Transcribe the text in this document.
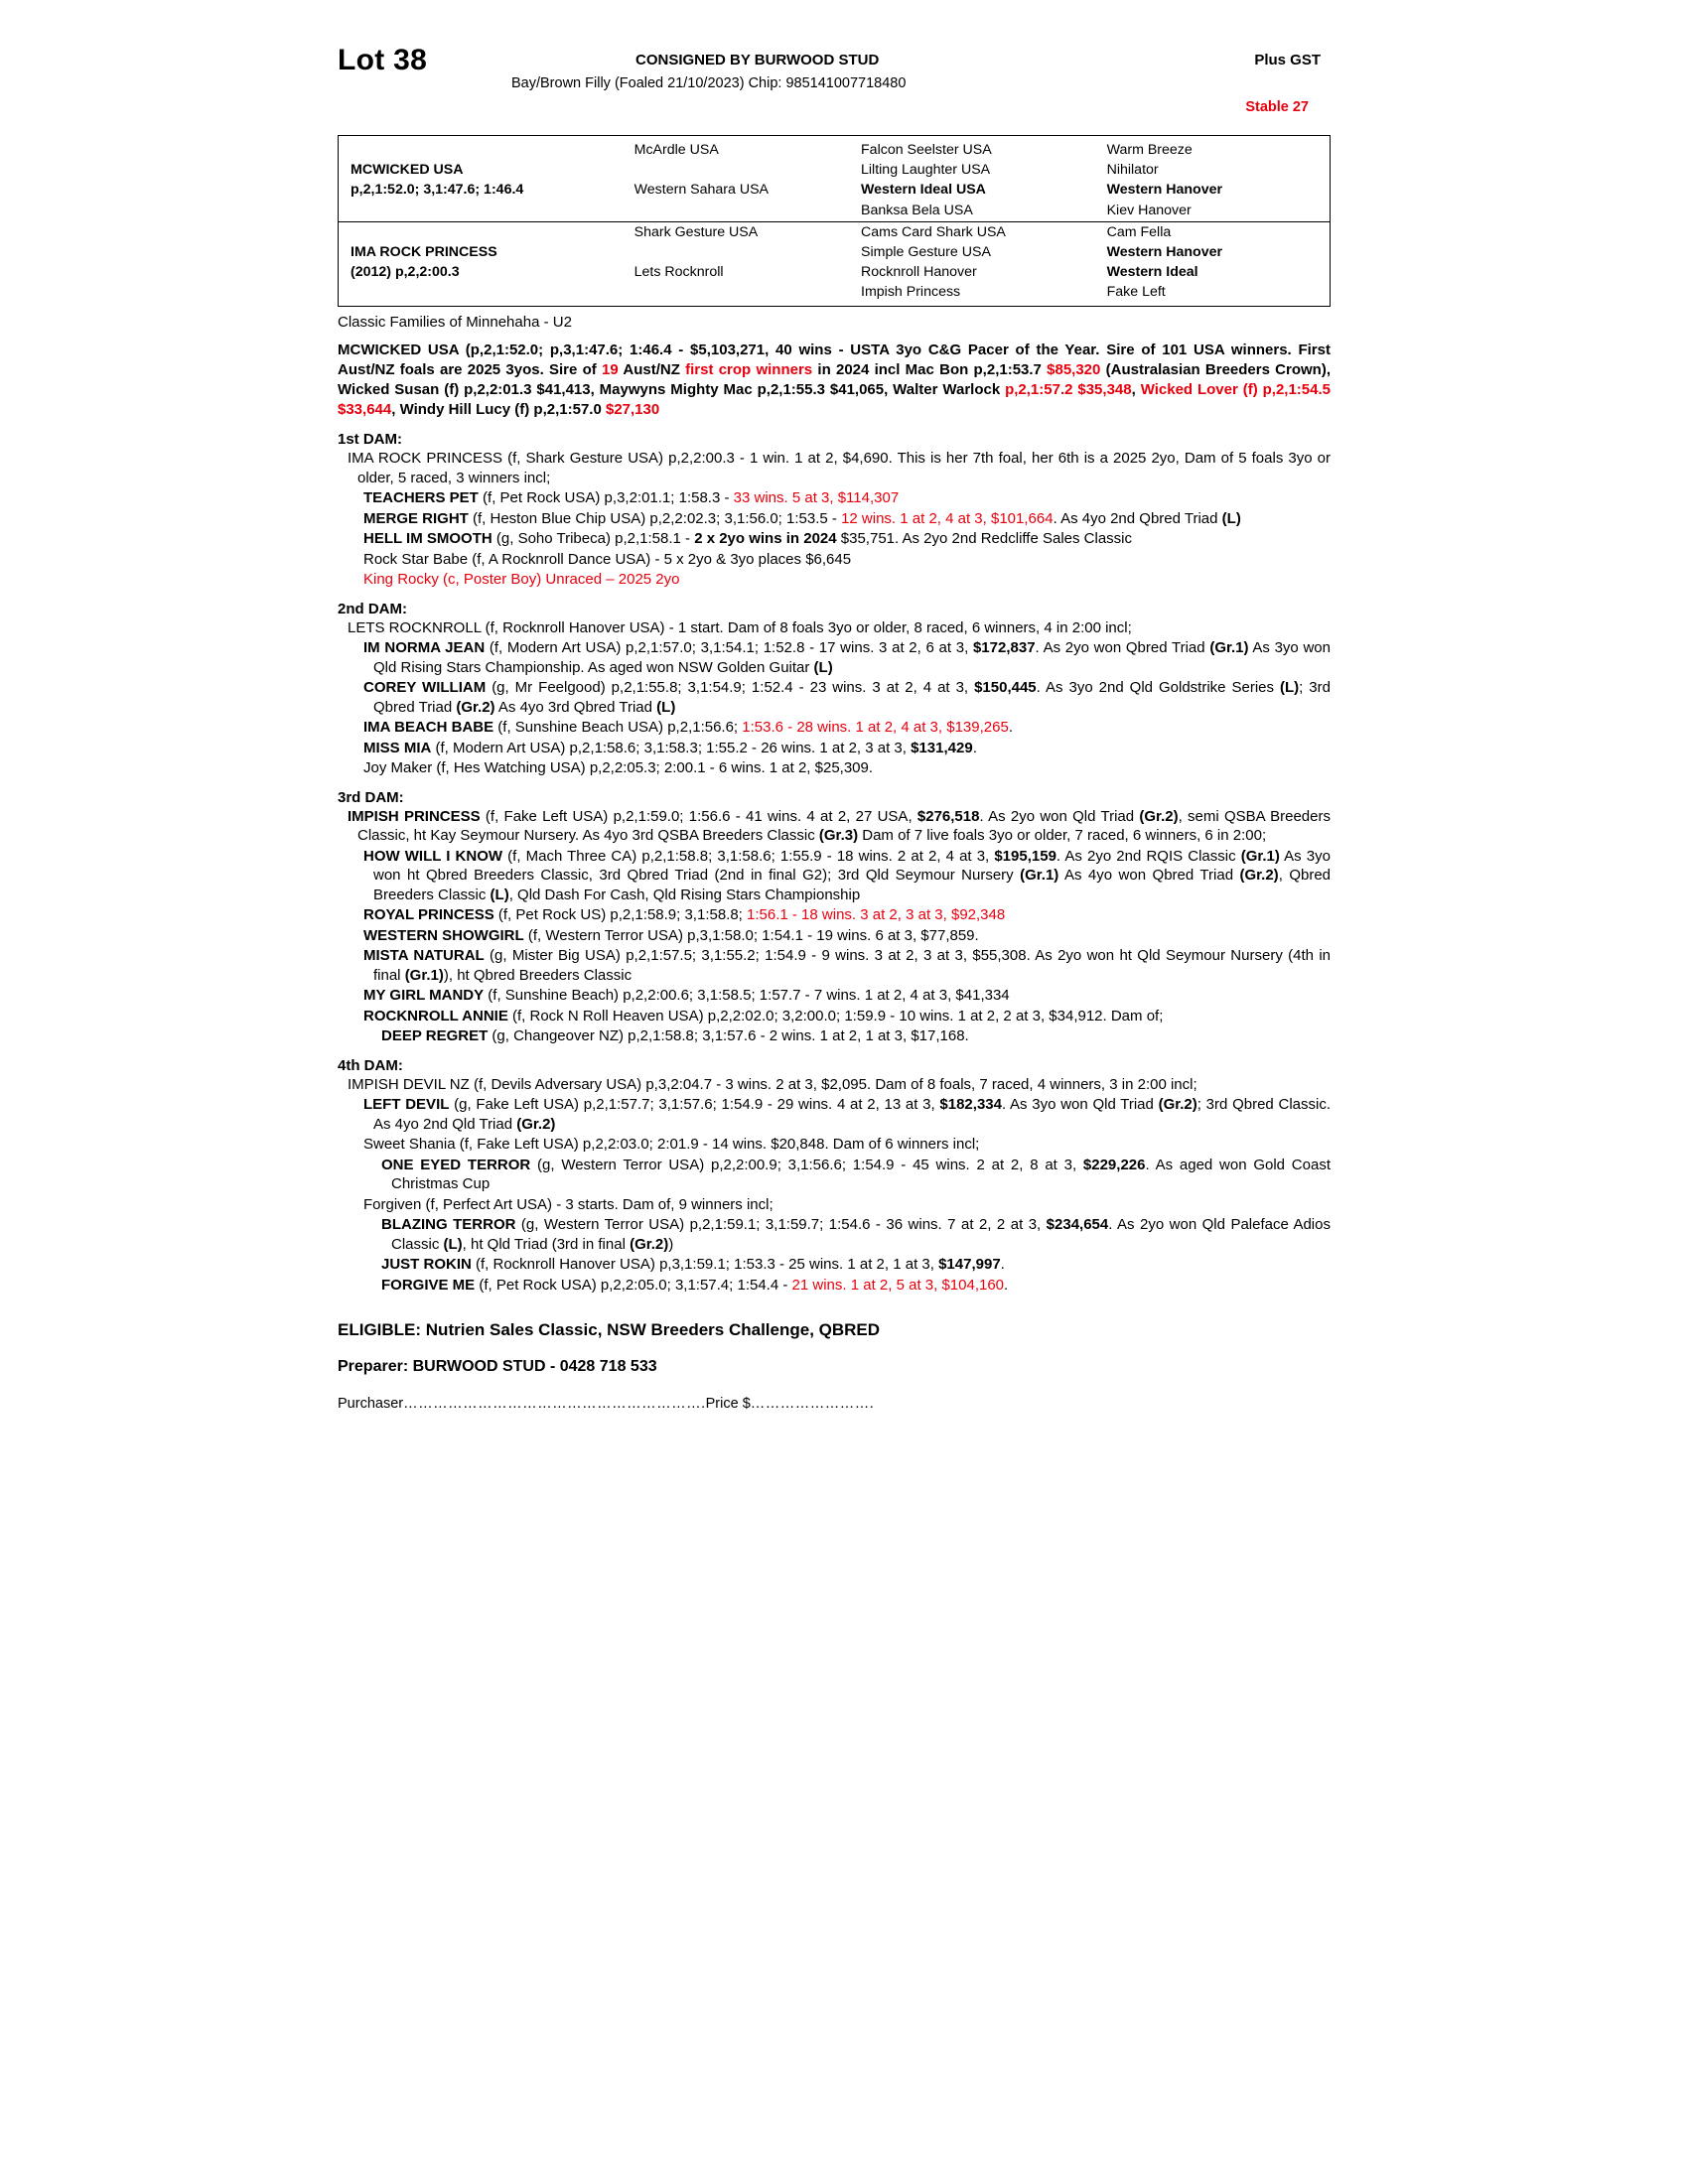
Lot 38	CONSIGNED BY BURWOOD STUD	Plus GST
Bay/Brown Filly (Foaled 21/10/2023) Chip: 985141007718480
Stable 27
	McArdle USA	Falcon Seelster USA	Warm Breeze
MCWICKED USA		Lilting Laughter USA	Nihilator
p,2,1:52.0; 3,1:47.6; 1:46.4	Western Sahara USA	Western Ideal USA	Western Hanover
		Banksa Bela USA	Kiev Hanover

	Shark Gesture USA	Cams Card Shark USA	Cam Fella
IMA ROCK PRINCESS		Simple Gesture USA	Western Hanover
(2012) p,2,2:00.3	Lets Rocknroll	Rocknroll Hanover	Western Ideal
		Impish Princess	Fake Left
Classic Families of Minnehaha - U2
MCWICKED USA (p,2,1:52.0; p,3,1:47.6; 1:46.4 - $5,103,271, 40 wins - USTA 3yo C&G Pacer of the Year. Sire of 101 USA winners. First Aust/NZ foals are 2025 3yos. Sire of 19 Aust/NZ first crop winners in 2024 incl Mac Bon p,2,1:53.7 $85,320 (Australasian Breeders Crown), Wicked Susan (f) p,2,2:01.3 $41,413, Maywyns Mighty Mac p,2,1:55.3 $41,065, Walter Warlock p,2,1:57.2 $35,348, Wicked Lover (f) p,2,1:54.5 $33,644, Windy Hill Lucy (f) p,2,1:57.0 $27,130
1st DAM:
IMA ROCK PRINCESS (f, Shark Gesture USA) p,2,2:00.3 - 1 win. 1 at 2, $4,690. This is her 7th foal, her 6th is a 2025 2yo, Dam of 5 foals 3yo or older, 5 raced, 3 winners incl;
TEACHERS PET (f, Pet Rock USA) p,3,2:01.1; 1:58.3 - 33 wins. 5 at 3, $114,307
MERGE RIGHT (f, Heston Blue Chip USA) p,2,2:02.3; 3,1:56.0; 1:53.5 - 12 wins. 1 at 2, 4 at 3, $101,664. As 4yo 2nd Qbred Triad (L)
HELL IM SMOOTH (g, Soho Tribeca) p,2,1:58.1 - 2 x 2yo wins in 2024 $35,751. As 2yo 2nd Redcliffe Sales Classic
Rock Star Babe (f, A Rocknroll Dance USA) - 5 x 2yo & 3yo places $6,645
King Rocky (c, Poster Boy) Unraced – 2025 2yo
2nd DAM:
LETS ROCKNROLL (f, Rocknroll Hanover USA) - 1 start. Dam of 8 foals 3yo or older, 8 raced, 6 winners, 4 in 2:00 incl;
IM NORMA JEAN (f, Modern Art USA) p,2,1:57.0; 3,1:54.1; 1:52.8 - 17 wins. 3 at 2, 6 at 3, $172,837. As 2yo won Qbred Triad (Gr.1) As 3yo won Qld Rising Stars Championship. As aged won NSW Golden Guitar (L)
COREY WILLIAM (g, Mr Feelgood) p,2,1:55.8; 3,1:54.9; 1:52.4 - 23 wins. 3 at 2, 4 at 3, $150,445. As 3yo 2nd Qld Goldstrike Series (L); 3rd Qbred Triad (Gr.2) As 4yo 3rd Qbred Triad (L)
IMA BEACH BABE (f, Sunshine Beach USA) p,2,1:56.6; 1:53.6 - 28 wins. 1 at 2, 4 at 3, $139,265.
MISS MIA (f, Modern Art USA) p,2,1:58.6; 3,1:58.3; 1:55.2 - 26 wins. 1 at 2, 3 at 3, $131,429.
Joy Maker (f, Hes Watching USA) p,2,2:05.3; 2:00.1 - 6 wins. 1 at 2, $25,309.
3rd DAM:
IMPISH PRINCESS (f, Fake Left USA) p,2,1:59.0; 1:56.6 - 41 wins. 4 at 2, 27 USA, $276,518. As 2yo won Qld Triad (Gr.2), semi QSBA Breeders Classic, ht Kay Seymour Nursery. As 4yo 3rd QSBA Breeders Classic (Gr.3) Dam of 7 live foals 3yo or older, 7 raced, 6 winners, 6 in 2:00;
HOW WILL I KNOW (f, Mach Three CA) p,2,1:58.8; 3,1:58.6; 1:55.9 - 18 wins. 2 at 2, 4 at 3, $195,159. As 2yo 2nd RQIS Classic (Gr.1) As 3yo won ht Qbred Breeders Classic, 3rd Qbred Triad (2nd in final G2); 3rd Qld Seymour Nursery (Gr.1) As 4yo won Qbred Triad (Gr.2), Qbred Breeders Classic (L), Qld Dash For Cash, Qld Rising Stars Championship
ROYAL PRINCESS (f, Pet Rock US) p,2,1:58.9; 3,1:58.8; 1:56.1 - 18 wins. 3 at 2, 3 at 3, $92,348
WESTERN SHOWGIRL (f, Western Terror USA) p,3,1:58.0; 1:54.1 - 19 wins. 6 at 3, $77,859.
MISTA NATURAL (g, Mister Big USA) p,2,1:57.5; 3,1:55.2; 1:54.9 - 9 wins. 3 at 2, 3 at 3, $55,308. As 2yo won ht Qld Seymour Nursery (4th in final (Gr.1)), ht Qbred Breeders Classic
MY GIRL MANDY (f, Sunshine Beach) p,2,2:00.6; 3,1:58.5; 1:57.7 - 7 wins. 1 at 2, 4 at 3, $41,334
ROCKNROLL ANNIE (f, Rock N Roll Heaven USA) p,2,2:02.0; 3,2:00.0; 1:59.9 - 10 wins. 1 at 2, 2 at 3, $34,912. Dam of;
DEEP REGRET (g, Changeover NZ) p,2,1:58.8; 3,1:57.6 - 2 wins. 1 at 2, 1 at 3, $17,168.
4th DAM:
IMPISH DEVIL NZ (f, Devils Adversary USA) p,3,2:04.7 - 3 wins. 2 at 3, $2,095. Dam of 8 foals, 7 raced, 4 winners, 3 in 2:00 incl;
LEFT DEVIL (g, Fake Left USA) p,2,1:57.7; 3,1:57.6; 1:54.9 - 29 wins. 4 at 2, 13 at 3, $182,334. As 3yo won Qld Triad (Gr.2); 3rd Qbred Classic. As 4yo 2nd Qld Triad (Gr.2)
Sweet Shania (f, Fake Left USA) p,2,2:03.0; 2:01.9 - 14 wins. $20,848. Dam of 6 winners incl;
ONE EYED TERROR (g, Western Terror USA) p,2,2:00.9; 3,1:56.6; 1:54.9 - 45 wins. 2 at 2, 8 at 3, $229,226. As aged won Gold Coast Christmas Cup
Forgiven (f, Perfect Art USA) - 3 starts. Dam of, 9 winners incl;
BLAZING TERROR (g, Western Terror USA) p,2,1:59.1; 3,1:59.7; 1:54.6 - 36 wins. 7 at 2, 2 at 3, $234,654. As 2yo won Qld Paleface Adios Classic (L), ht Qld Triad (3rd in final (Gr.2))
JUST ROKIN (f, Rocknroll Hanover USA) p,3,1:59.1; 1:53.3 - 25 wins. 1 at 2, 1 at 3, $147,997.
FORGIVE ME (f, Pet Rock USA) p,2,2:05.0; 3,1:57.4; 1:54.4 - 21 wins. 1 at 2, 5 at 3, $104,160.
ELIGIBLE: Nutrien Sales Classic, NSW Breeders Challenge, QBRED
Preparer: BURWOOD STUD - 0428 718 533
Purchaser…………………………………………………….Price $…………………….
